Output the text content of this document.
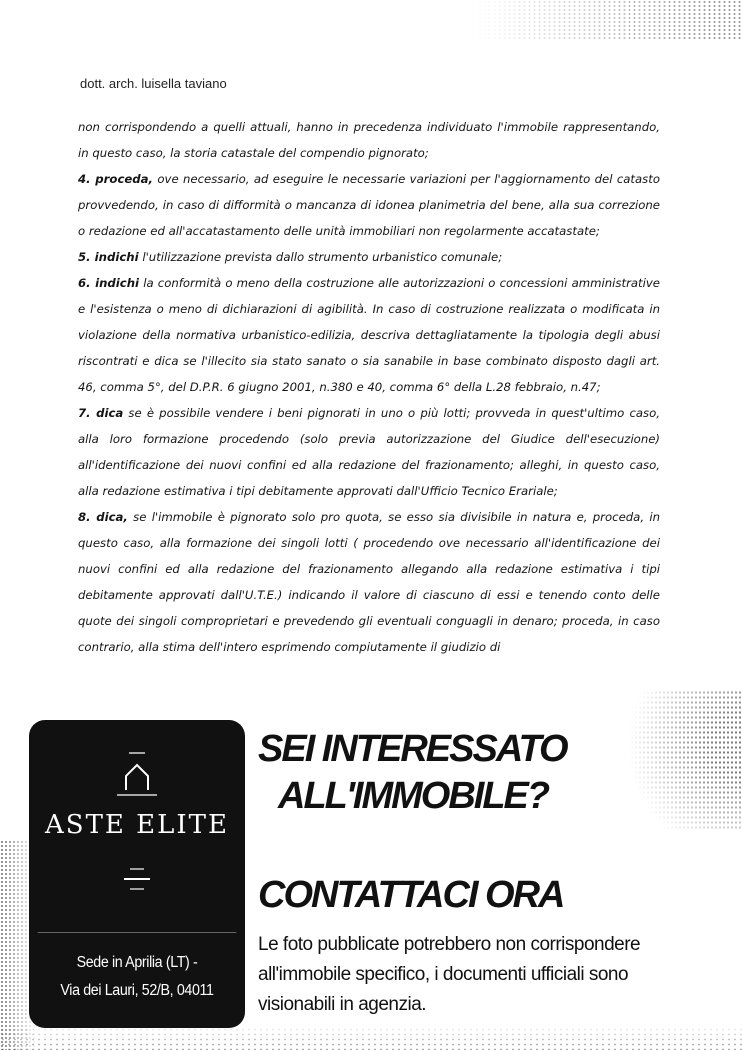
dott. arch. luisella taviano

non corrispondendo a quelli attuali, hanno in precedenza individuato l'immobile rappresentando, in questo caso, la storia catastale del compendio pignorato;

4. proceda, ove necessario, ad eseguire le necessarie variazioni per l'aggiornamento del catasto provvedendo, in caso di difformità o mancanza di idonea planimetria del bene, alla sua correzione o redazione ed all'accatastamento delle unità immobiliari non regolarmente accatastate;

5. indichi l'utilizzazione prevista dallo strumento urbanistico comunale;

6. indichi la conformità o meno della costruzione alle autorizzazioni o concessioni amministrative e l'esistenza o meno di dichiarazioni di agibilità. In caso di costruzione realizzata o modificata in violazione della normativa urbanistico-edilizia, descriva dettagliatamente la tipologia degli abusi riscontrati e dica se l'illecito sia stato sanato o sia sanabile in base combinato disposto dagli art. 46, comma 5°, del D.P.R. 6 giugno 2001, n.380 e 40, comma 6° della L.28 febbraio, n.47;

7. dica se è possibile vendere i beni pignorati in uno o più lotti; provveda in quest'ultimo caso, alla loro formazione procedendo (solo previa autorizzazione del Giudice dell'esecuzione) all'identificazione dei nuovi confini ed alla redazione del frazionamento; alleghi, in questo caso, alla redazione estimativa i tipi debitamente approvati dall'Ufficio Tecnico Erariale;

8. dica, se l'immobile è pignorato solo pro quota, se esso sia divisibile in natura e, proceda, in questo caso, alla formazione dei singoli lotti ( procedendo ove necessario all'identificazione dei nuovi confini ed alla redazione del frazionamento allegando alla redazione estimativa i tipi debitamente approvati dall'U.T.E.) indicando il valore di ciascuno di essi e tenendo conto delle quote dei singoli comproprietari e prevedendo gli eventuali conguagli in denaro; proceda, in caso contrario, alla stima dell'intero esprimendo compiutamente il giudizio di

ASTE ELITE
Sede in Aprilia (LT) -
Via dei Lauri, 52/B, 04011
SEI INTERESSATO
ALL'IMMOBILE?
CONTATTACI ORA
Le foto pubblicate potrebbero non corrispondere all'immobile specifico, i documenti ufficiali sono visionabili in agenzia.
